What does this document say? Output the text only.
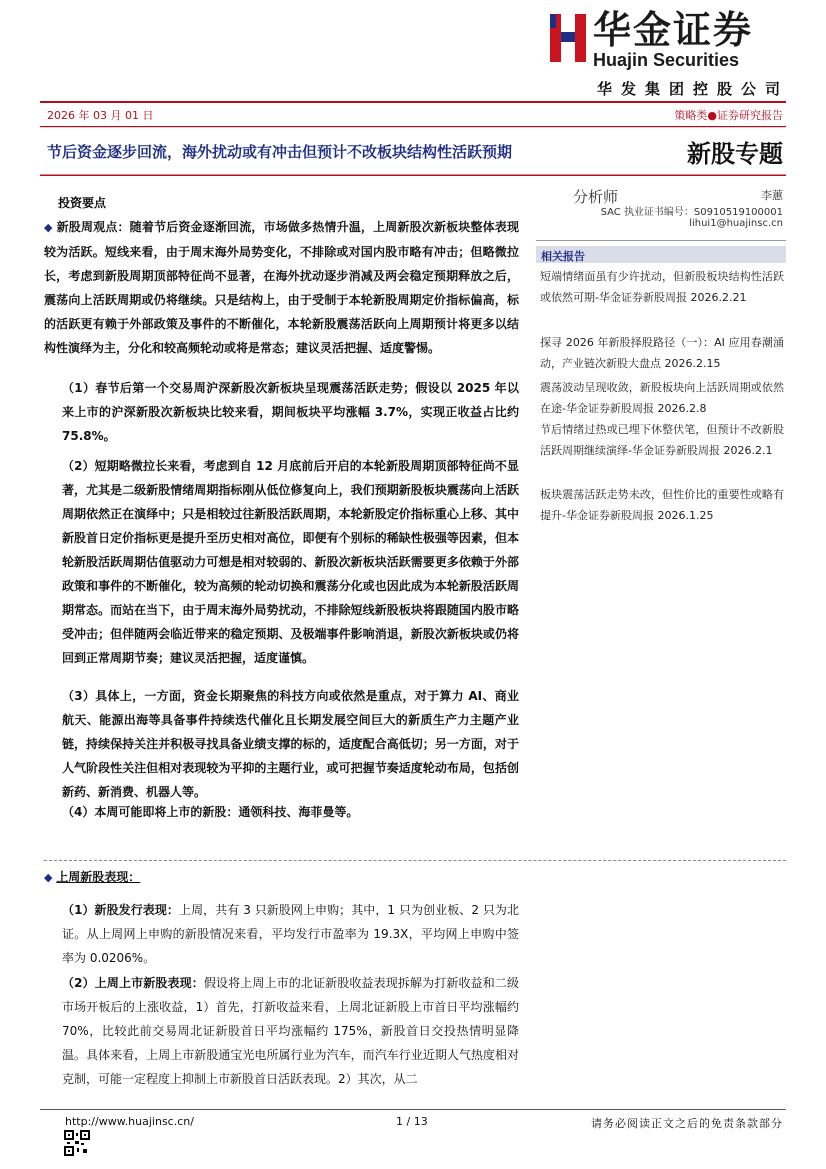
华金证券
Huajin Securities
华发集团控股公司
2026 年 03 月 01 日	策略类●证券研究报告
节后资金逐步回流，海外扰动或有冲击但预计不改板块结构性活跃预期	新股专题
分析师	李蕙
SAC 执业证书编号：S0910519100001
lihui1@huajinsc.cn
相关报告
短端情绪面虽有少许扰动，但新股板块结构性活跃或依然可期-华金证券新股周报 2026.2.21
探寻 2026 年新股择股路径（一）：AI 应用春潮涌动，产业链次新股大盘点 2026.2.15
震荡波动呈现收敛，新股板块向上活跃周期或依然在途-华金证券新股周报 2026.2.8
节后情绪过热或已埋下休整伏笔，但预计不改新股活跃周期继续演绎-华金证券新股周报 2026.2.1
板块震荡活跃走势未改，但性价比的重要性或略有提升-华金证券新股周报 2026.1.25
投资要点
◆ 新股周观点：随着节后资金逐渐回流，市场做多热情升温，上周新股次新板块整体表现较为活跃。短线来看，由于周末海外局势变化，不排除或对国内股市略有冲击；但略微拉长，考虑到新股周期顶部特征尚不显著，在海外扰动逐步消减及两会稳定预期释放之后，震荡向上活跃周期或仍将继续。只是结构上，由于受制于本轮新股周期定价指标偏高，标的活跃更有赖于外部政策及事件的不断催化，本轮新股震荡活跃向上周期预计将更多以结构性演绎为主，分化和较高频轮动或将是常态；建议灵活把握、适度警惕。
（1）春节后第一个交易周沪深新股次新板块呈现震荡活跃走势；假设以 2025 年以来上市的沪深新股次新板块比较来看，期间板块平均涨幅 3.7%，实现正收益占比约 75.8%。
（2）短期略微拉长来看，考虑到自 12 月底前后开启的本轮新股周期顶部特征尚不显著，尤其是二级新股情绪周期指标刚从低位修复向上，我们预期新股板块震荡向上活跃周期依然正在演绎中；只是相较过往新股活跃周期，本轮新股定价指标重心上移、其中新股首日定价指标更是提升至历史相对高位，即便有个别标的稀缺性极强等因素，但本轮新股活跃周期估值驱动力可想是相对较弱的、新股次新板块活跃需要更多依赖于外部政策和事件的不断催化，较为高频的轮动切换和震荡分化或也因此成为本轮新股活跃周期常态。而站在当下，由于周末海外局势扰动，不排除短线新股板块将跟随国内股市略受冲击；但伴随两会临近带来的稳定预期、及极端事件影响消退，新股次新板块或仍将回到正常周期节奏；建议灵活把握，适度谨慎。
（3）具体上，一方面，资金长期聚焦的科技方向或依然是重点，对于算力 AI、商业航天、能源出海等具备事件持续迭代催化且长期发展空间巨大的新质生产力主题产业链，持续保持关注并积极寻找具备业绩支撑的标的，适度配合高低切；另一方面，对于人气阶段性关注但相对表现较为平抑的主题行业，或可把握节奏适度轮动布局，包括创新药、新消费、机器人等。
（4）本周可能即将上市的新股：通领科技、海菲曼等。
◆ 上周新股表现：
（1）新股发行表现：上周，共有 3 只新股网上申购；其中，1 只为创业板、2 只为北证。从上周网上申购的新股情况来看，平均发行市盈率为 19.3X，平均网上申购中签率为 0.0206%。
（2）上周上市新股表现：假设将上周上市的北证新股收益表现拆解为打新收益和二级市场开板后的上涨收益，1）首先，打新收益来看，上周北证新股上市首日平均涨幅约 70%，比较此前交易周北证新股首日平均涨幅约 175%，新股首日交投热情明显降温。具体来看，上周上市新股通宝光电所属行业为汽车，而汽车行业近期人气热度相对克制，可能一定程度上抑制上市新股首日活跃表现。2）其次，从二
http://www.huajinsc.cn/	1 / 13	请务必阅读正文之后的免责条款部分
